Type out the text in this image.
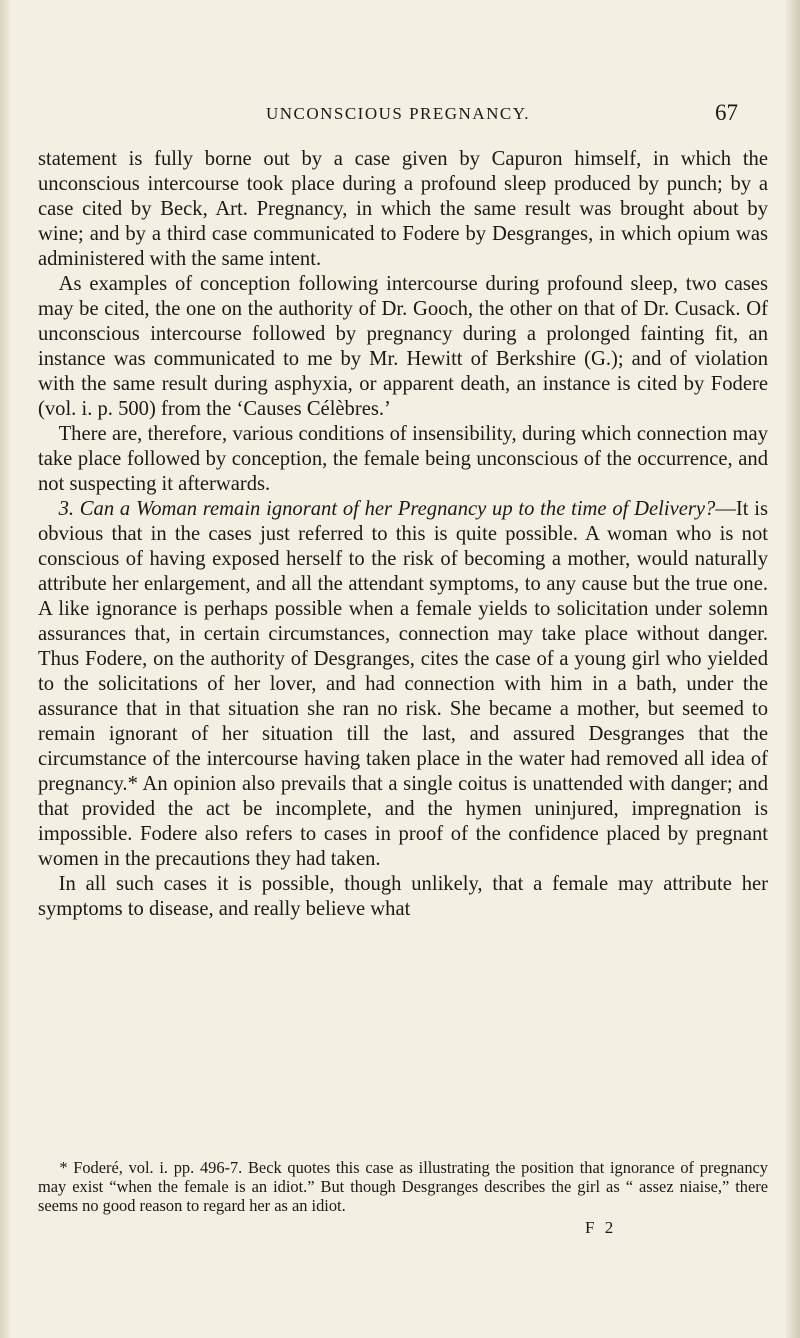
UNCONSCIOUS PREGNANCY.	67

statement is fully borne out by a case given by Capuron himself, in which the unconscious intercourse took place during a profound sleep produced by punch; by a case cited by Beck, Art. Pregnancy, in which the same result was brought about by wine; and by a third case communicated to Fodere by Desgranges, in which opium was administered with the same intent.

As examples of conception following intercourse during profound sleep, two cases may be cited, the one on the authority of Dr. Gooch, the other on that of Dr. Cusack. Of unconscious intercourse followed by pregnancy during a prolonged fainting fit, an instance was communicated to me by Mr. Hewitt of Berkshire (G.); and of violation with the same result during asphyxia, or apparent death, an instance is cited by Fodere (vol. i. p. 500) from the ‘Causes Célèbres.’

There are, therefore, various conditions of insensibility, during which connection may take place followed by conception, the female being unconscious of the occurrence, and not suspecting it afterwards.

3. Can a Woman remain ignorant of her Pregnancy up to the time of Delivery?—It is obvious that in the cases just referred to this is quite possible. A woman who is not conscious of having exposed herself to the risk of becoming a mother, would naturally attribute her enlargement, and all the attendant symptoms, to any cause but the true one. A like ignorance is perhaps possible when a female yields to solicitation under solemn assurances that, in certain circumstances, connection may take place without danger. Thus Fodere, on the authority of Desgranges, cites the case of a young girl who yielded to the solicitations of her lover, and had connection with him in a bath, under the assurance that in that situation she ran no risk. She became a mother, but seemed to remain ignorant of her situation till the last, and assured Desgranges that the circumstance of the intercourse having taken place in the water had removed all idea of pregnancy.* An opinion also prevails that a single coitus is unattended with danger; and that provided the act be incomplete, and the hymen uninjured, impregnation is impossible. Fodere also refers to cases in proof of the confidence placed by pregnant women in the precautions they had taken.

In all such cases it is possible, though unlikely, that a female may attribute her symptoms to disease, and really believe what

* Foderé, vol. i. pp. 496-7. Beck quotes this case as illustrating the position that ignorance of pregnancy may exist “when the female is an idiot.” But though Desgranges describes the girl as “ assez niaise,” there seems no good reason to regard her as an idiot.

F 2
